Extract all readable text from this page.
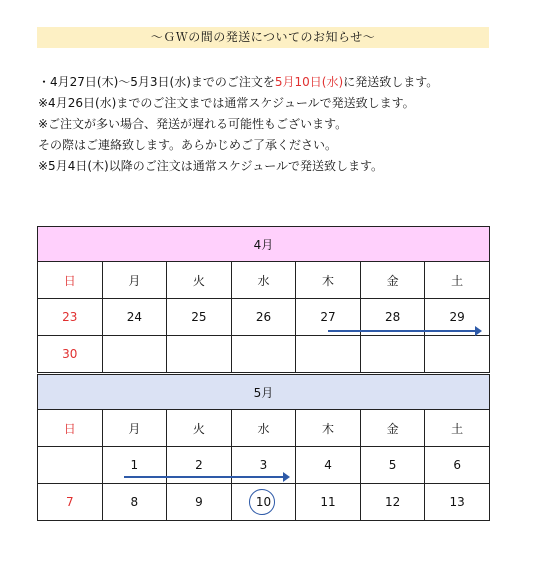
～ＧＷの間の発送についてのお知らせ～
・4月27日(木)〜5月3日(水)までのご注文を5月10日(水)に発送致します。
※4月26日(水)までのご注文までは通常スケジュールで発送致します。
※ご注文が多い場合、発送が遅れる可能性もございます。
その際はご連絡致します。あらかじめご了承ください。
※5月4日(木)以降のご注文は通常スケジュールで発送致します。
4月						
日	月	火	水	木	金	土
23	24	25	26	27	28	29
30						
5月						
日	月	火	水	木	金	土
	1	2	3	4	5	6
7	8	9	10	11	12	13
